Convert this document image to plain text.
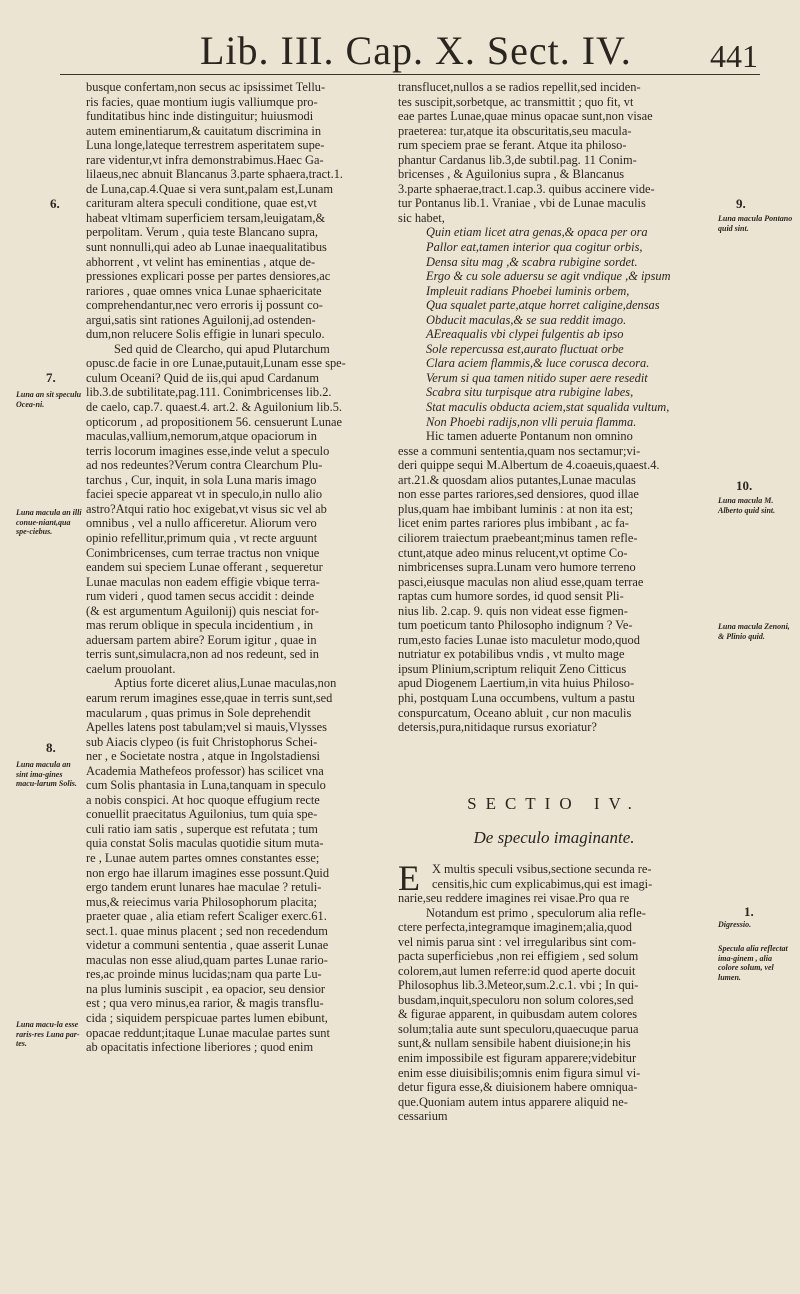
Lib. III. Cap. X. Sect. IV. 441
busque confertam,non secus ac ipsissimet Tellu-
ris facies, quae montium iugis valliumque pro-
funditatibus hinc inde distinguitur; huiusmodi
autem eminentiarum,& cauitatum discrimina in
Luna longe,lateque terrestrem asperitatem supe-
rare videntur,vt infra demonstrabimus.Haec Ga-
lilaeus,nec abnuit Blancanus 3.parte sphaera,tract.1.
de Luna,cap.4.Quae si vera sunt,palam est,Lunam
carituram altera speculi conditione, quae est,vt
habeat vltimam superficiem tersam,leuigatam,&
perpolitam. Verum , quia teste Blancano supra,
sunt nonnulli,qui adeo ab Lunae inaequalitatibus
abhorrent , vt velint has eminentias , atque de-
pressiones explicari posse per partes densiores,ac
rariores , quae omnes vnica Lunae sphaericitate
comprehendantur,nec vero erroris ij possunt co-
argui,satis sint rationes Aguilonij,ad ostenden-
dum,non relucere Solis effigie in lunari speculo.
Sed quid de Clearcho, qui apud Plutarchum
opusc.de facie in ore Lunae,putauit,Lunam esse spe-
culum Oceani? Quid de iis,qui apud Cardanum
lib.3.de subtilitate,pag.111. Conimbricenses lib.2.
de caelo, cap.7. quaest.4. art.2. & Aguilonium lib.5.
opticorum , ad propositionem 56. censuerunt Lunae
maculas,vallium,nemorum,atque opaciorum in
terris locorum imagines esse,inde velut a speculo
ad nos redeuntes?Verum contra Clearchum Plu-
tarchus , Cur, inquit, in sola Luna maris imago
faciei specie appareat vt in speculo,in nullo alio
astro?Atqui ratio hoc exigebat,vt visus sic vel ab
omnibus , vel a nullo afficeretur. Aliorum vero
opinio refellitur,primum quia , vt recte arguunt
Conimbricenses, cum terrae tractus non vnique
eandem sui speciem Lunae offerant , sequeretur
Lunae maculas non eadem effigie vbique terra-
rum videri , quod tamen secus accidit : deinde
(& est argumentum Aguilonij) quis nesciat for-
mas rerum oblique in specula incidentium , in
aduersam partem abire? Eorum igitur , quae in
terris sunt,simulacra,non ad nos redeunt, sed in
caelum prouolant.
Aptius forte diceret alius,Lunae maculas,non
earum rerum imagines esse,quae in terris sunt,sed
macularum , quas primus in Sole deprehendit
Apelles latens post tabulam;vel si mauis,Vlysses
sub Aiacis clypeo (is fuit Christophorus Schei-
ner , e Societate nostra , atque in Ingolstadiensi
Academia Mathefeos professor) has scilicet vna
cum Solis phantasia in Luna,tanquam in speculo
a nobis conspici. At hoc quoque effugium recte
conuellit praecitatus Aguilonius, tum quia spe-
culi ratio iam satis , superque est refutata ; tum
quia constat Solis maculas quotidie situm muta-
re , Lunae autem partes omnes constantes esse;
non ergo hae illarum imagines esse possunt.Quid
ergo tandem erunt lunares hae maculae ? retuli-
mus,& reiecimus varia Philosophorum placita;
praeter quae , alia etiam refert Scaliger exerc.61.
sect.1. quae minus placent ; sed non recedendum
videtur a communi sententia , quae asserit Lunae
maculas non esse aliud,quam partes Lunae rario-
res,ac proinde minus lucidas;nam qua parte Lu-
na plus luminis suscipit , ea opacior, seu densior
est ; qua vero minus,ea rarior, & magis transflu-
cida ; siquidem perspicuae partes lumen ebibunt,
opacae reddunt;itaque Lunae maculae partes sunt
ab opacitatis infectione liberiores ; quod enim
transflucet,nullos a se radios repellit,sed inciden-
tes suscipit,sorbetque, ac transmittit ; quo fit, vt
eae partes Lunae,quae minus opacae sunt,non visae
praeterea: tur,atque ita obscuritatis,seu macula-
rum speciem prae se ferant. Atque ita philoso-
phantur Cardanus lib.3,de subtil.pag. 11 Conim-
bricenses , & Aguilonius supra , & Blancanus
3.parte sphaerae,tract.1.cap.3. quibus accinere vide-
tur Pontanus lib.1. Vraniae , vbi de Lunae maculis
sic habet,
Quin etiam licet atra genas,& opaca per ora
Pallor eat,tamen interior qua cogitur orbis,
Densa situ mag ,& scabra rubigine sordet.
Ergo & cu sole aduersu se agit vndique ,& ipsum
Impleuit radians Phoebei luminis orbem,
Qua squalet parte,atque horret caligine,densas
Obducit maculas,& se sua reddit imago.
AEreaqualis vbi clypei fulgentis ab ipso
Sole repercussa est,aurato fluctuat orbe
Clara aciem flammis,& luce corusca decora.
Verum si qua tamen nitido super aere resedit
Scabra situ turpisque atra rubigine labes,
Stat maculis obducta aciem,stat squalida vultum,
Non Phoebi radijs,non vlli peruia flamma.
Hic tamen aduerte Pontanum non omnino
esse a communi sententia,quam nos sectamur;vi-
deri quippe sequi M.Albertum de 4.coaeuis,quaest.4.
art.21.& quosdam alios putantes,Lunae maculas
non esse partes rariores,sed densiores, quod illae
plus,quam hae imbibant luminis : at non ita est;
licet enim partes rariores plus imbibant , ac fa-
ciliorem traiectum praebeant;minus tamen refle-
ctunt,atque adeo minus relucent,vt optime Co-
nimbricenses supra.Lunam vero humore terreno
pasci,eiusque maculas non aliud esse,quam terrae
raptas cum humore sordes, id quod sensit Pli-
nius lib. 2.cap. 9. quis non videat esse figmen-
tum poeticum tanto Philosopho indignum ? Ve-
rum,esto facies Lunae isto maculetur modo,quod
nutriatur ex potabilibus vndis , vt multo mage
ipsum Plinium,scriptum reliquit Zeno Citticus
apud Diogenem Laertium,in vita huius Philoso-
phi, postquam Luna occumbens, vultum a pastu
conspurcatum, Oceano abluit , cur non maculis
detersis,pura,nitidaque rursus exoriatur?
SECTIO IV.
De speculo imaginante.
E X multis speculi vsibus,sectione secunda re-
censitis,hic cum explicabimus,qui est imagi-
narie,seu reddere imagines rei visae.Pro qua re
Notandum est primo , speculorum alia refle-
ctere perfecta,integramque imaginem;alia,quod
vel nimis parua sint : vel irregularibus sint com-
pacta superficiebus ,non rei effigiem , sed solum
colorem,aut lumen referre:id quod aperte docuit
Philosophus lib.3.Meteor,sum.2.c.1. vbi ; In qui-
busdam,inquit,speculoru non solum colores,sed
& figurae apparent, in quibusdam autem colores
solum;talia aute sunt speculoru,quaecuque parua
sunt,& nullam sensibile habent diuisione;in his
enim impossibile est figuram apparere;videbitur
enim esse diuisibilis;omnis enim figura simul vi-
detur figura esse,& diuisionem habere omniqua-
que.Quoniam autem intus apparere aliquid ne-
cessarium
6.
7.
Luna an sit speculu Ocea-ni.
Luna macula an illi conue-niant,qua spe-ciebus.
8.
Luna macula an sint ima-gines macu-larum Solis.
Luna macu-la esse raris-res Luna par-tes.
9.
Luna macula Pontano quid sint.
10.
Luna macula M. Alberto quid sint.
Luna macula Zenoni, & Plinio quid.
1.
Digressio.
Specula alia reflectat ima-ginem , alia colore solum, vel lumen.
